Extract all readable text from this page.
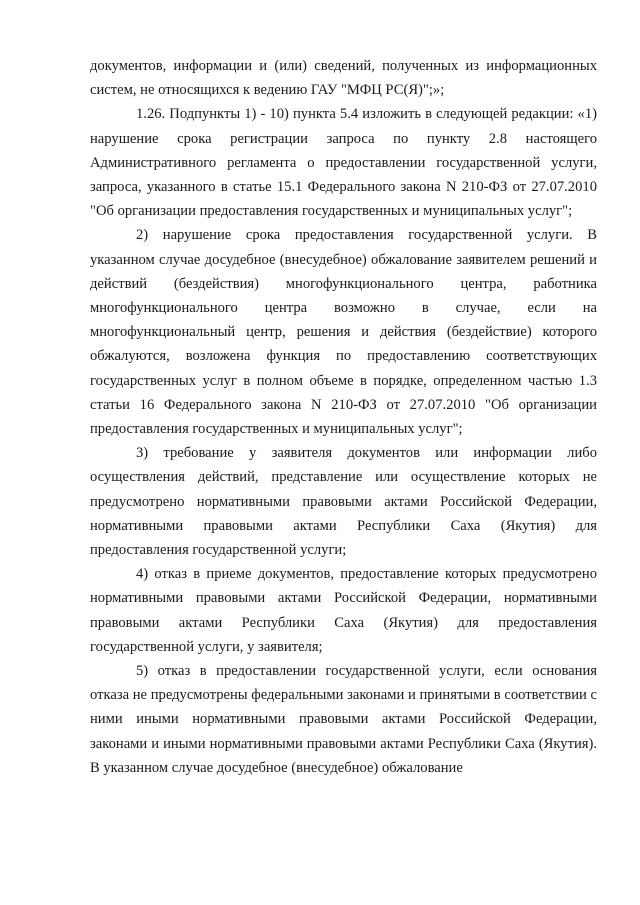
документов, информации и (или) сведений, полученных из информационных систем, не относящихся к ведению ГАУ "МФЦ РС(Я)";»;

1.26. Подпункты 1) - 10) пункта 5.4 изложить в следующей редакции: «1) нарушение срока регистрации запроса по пункту 2.8 настоящего Административного регламента о предоставлении государственной услуги, запроса, указанного в статье 15.1 Федерального закона N 210-ФЗ от 27.07.2010 "Об организации предоставления государственных и муниципальных услуг";

2) нарушение срока предоставления государственной услуги. В указанном случае досудебное (внесудебное) обжалование заявителем решений и действий (бездействия) многофункционального центра, работника многофункционального центра возможно в случае, если на многофункциональный центр, решения и действия (бездействие) которого обжалуются, возложена функция по предоставлению соответствующих государственных услуг в полном объеме в порядке, определенном частью 1.3 статьи 16 Федерального закона N 210-ФЗ от 27.07.2010 "Об организации предоставления государственных и муниципальных услуг";

3) требование у заявителя документов или информации либо осуществления действий, представление или осуществление которых не предусмотрено нормативными правовыми актами Российской Федерации, нормативными правовыми актами Республики Саха (Якутия) для предоставления государственной услуги;

4) отказ в приеме документов, предоставление которых предусмотрено нормативными правовыми актами Российской Федерации, нормативными правовыми актами Республики Саха (Якутия) для предоставления государственной услуги, у заявителя;

5) отказ в предоставлении государственной услуги, если основания отказа не предусмотрены федеральными законами и принятыми в соответствии с ними иными нормативными правовыми актами Российской Федерации, законами и иными нормативными правовыми актами Республики Саха (Якутия). В указанном случае досудебное (внесудебное) обжалование
